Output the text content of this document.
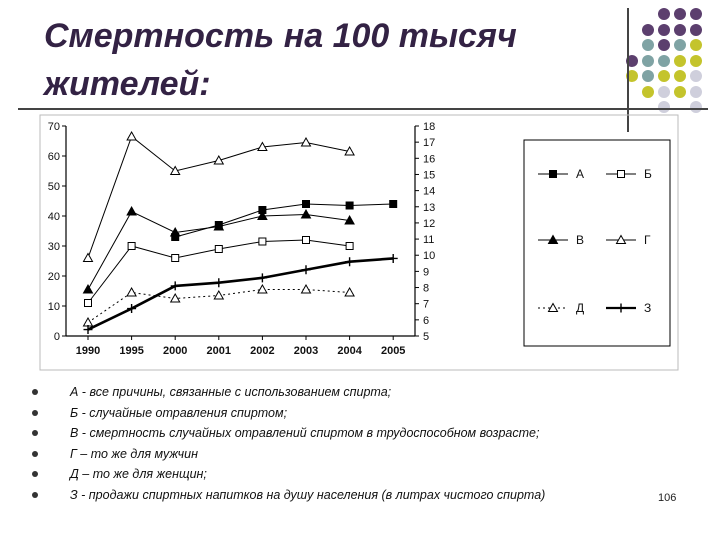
Смертность на 100 тысяч
жителей:
0
10
20
30
40
50
60
70
5
6
7
8
9
10
11
12
13
14
15
16
17
18
1990 1995 2000 2001 2002 2003 2004 2005
А	Б
В	Г
Д	З
А - все причины, связанные с использованием спирта;
Б - случайные отравления спиртом;
В - смертность случайных отравлений спиртом в трудоспособном возрасте;
Г – то же для мужчин
Д – то же для женщин;
З - продажи спиртных напитков на душу населения (в литрах чистого спирта)	106
